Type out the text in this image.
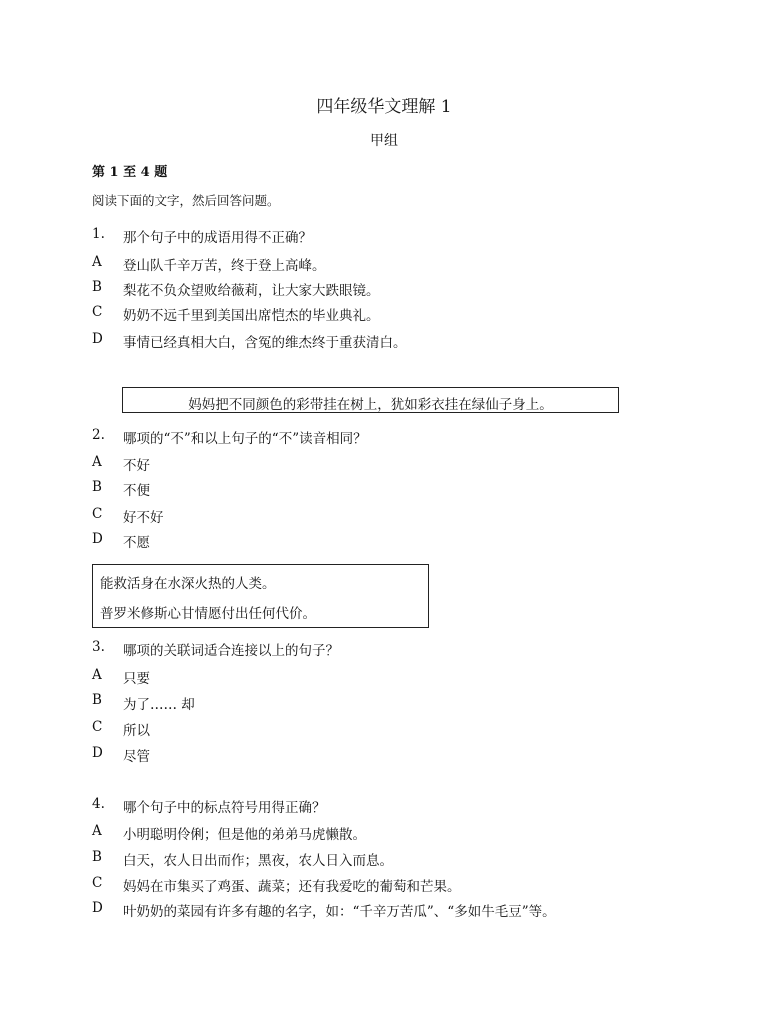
四年级华文理解 1
甲组
第 1 至 4 题
阅读下面的文字，然后回答问题。
1. 那个句子中的成语用得不正确？
A 登山队千辛万苦，终于登上高峰。
B 梨花不负众望败给薇莉，让大家大跌眼镜。
C 奶奶不远千里到美国出席恺杰的毕业典礼。
D 事情已经真相大白，含冤的维杰终于重获清白。
妈妈把不同颜色的彩带挂在树上，犹如彩衣挂在绿仙子身上。
2. 哪项的“不”和以上句子的“不”读音相同？
A 不好
B 不便
C 好不好
D 不愿
能救活身在水深火热的人类。
普罗米修斯心甘情愿付出任何代价。
3. 哪项的关联词适合连接以上的句子？
A 只要
B 为了…… 却
C 所以
D 尽管
4. 哪个句子中的标点符号用得正确？
A 小明聪明伶俐；但是他的弟弟马虎懒散。
B 白天，农人日出而作；黑夜，农人日入而息。
C 妈妈在市集买了鸡蛋、蔬菜；还有我爱吃的葡萄和芒果。
D 叶奶奶的菜园有许多有趣的名字，如：“千辛万苦瓜”、“多如牛毛豆”等。
